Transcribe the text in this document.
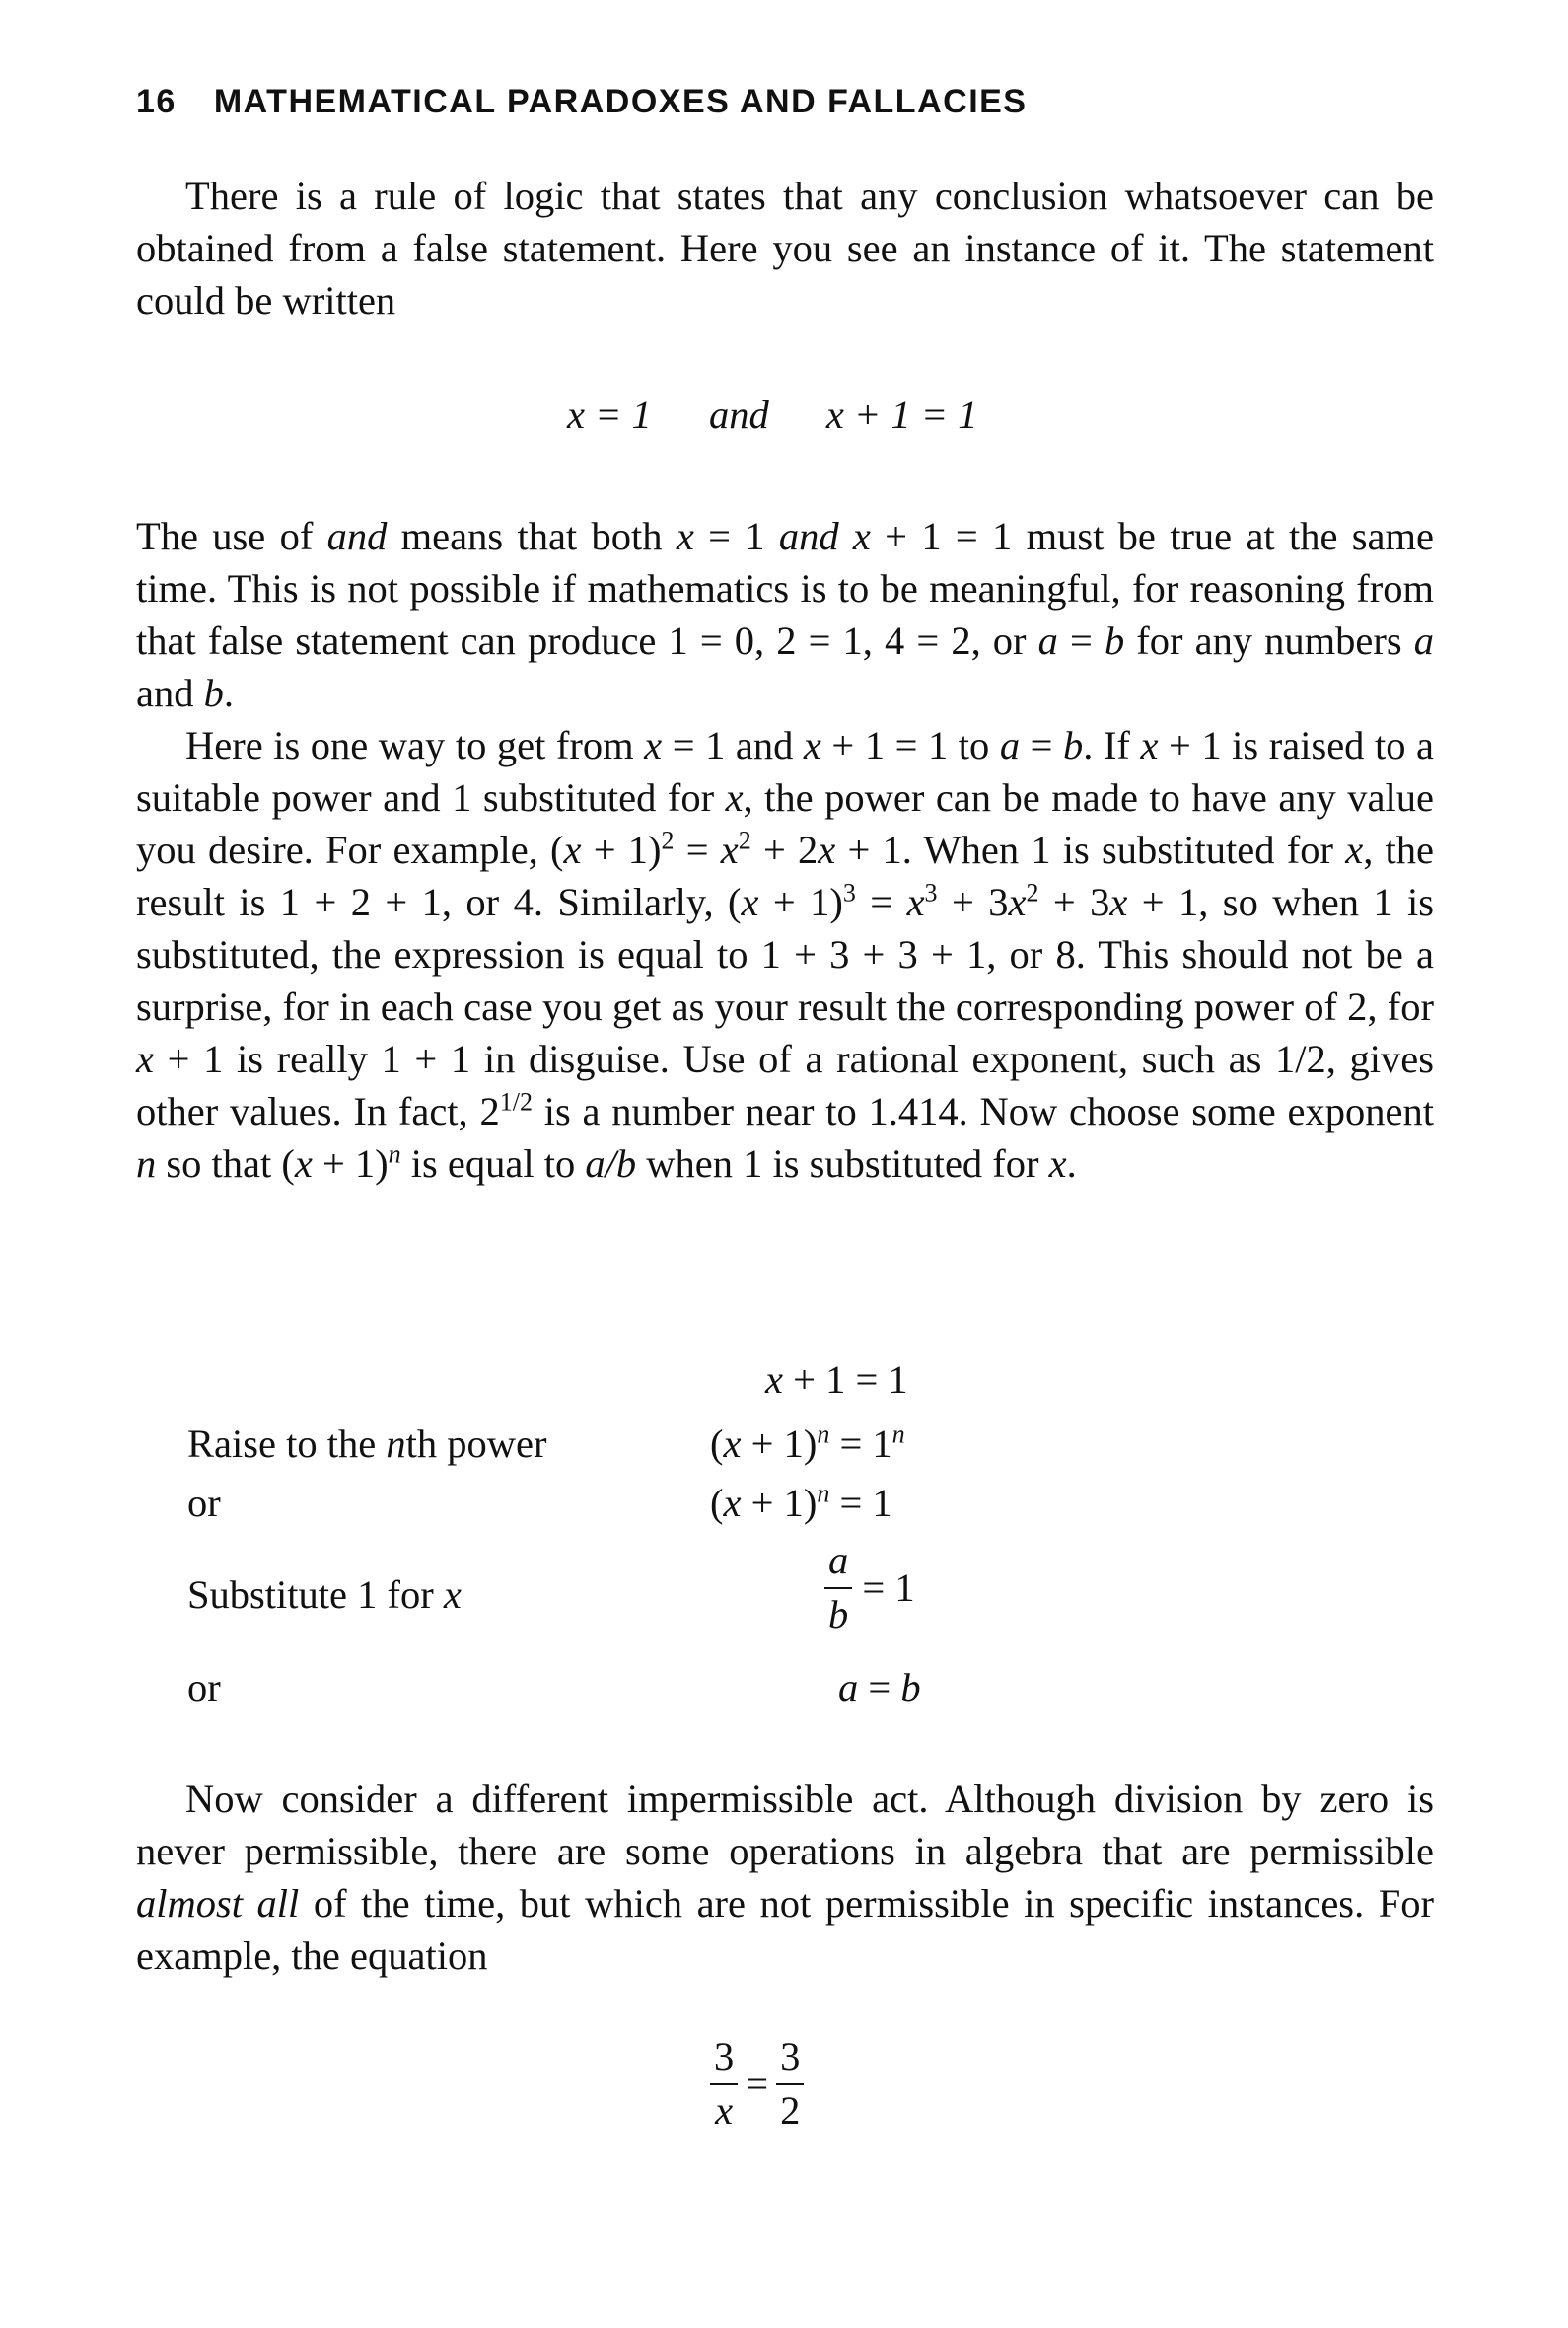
16 MATHEMATICAL PARADOXES AND FALLACIES

There is a rule of logic that states that any conclusion whatsoever can be obtained from a false statement. Here you see an instance of it. The statement could be written

x = 1 and x + 1 = 1

The use of and means that both x = 1 and x + 1 = 1 must be true at the same time. This is not possible if mathematics is to be meaningful, for reasoning from that false statement can produce 1 = 0, 2 = 1, 4 = 2, or a = b for any numbers a and b.

Here is one way to get from x = 1 and x + 1 = 1 to a = b. If x + 1 is raised to a suitable power and 1 substituted for x, the power can be made to have any value you desire. For example, $(x + 1)^2 = x^2 + 2x + 1$. When 1 is substituted for x, the result is 1 + 2 + 1, or 4. Similarly, $(x + 1)^3 = x^3 + 3x^2 + 3x + 1$, so when 1 is substituted, the expression is equal to 1 + 3 + 3 + 1, or 8. This should not be a surprise, for in each case you get as your result the corresponding power of 2, for x + 1 is really 1 + 1 in disguise. Use of a rational exponent, such as 1/2, gives other values. In fact, $2^{1/2}$ is a number near to 1.414. Now choose some exponent n so that $(x + 1)^n$ is equal to a/b when 1 is substituted for x.

x + 1 = 1
Raise to the nth power	$(x + 1)^n = 1^n$
or	$(x + 1)^n = 1$
Substitute 1 for x	$\frac{a}{b} = 1$
or	a = b

Now consider a different impermissible act. Although division by zero is never permissible, there are some operations in algebra that are permissible almost all of the time, but which are not permissible in specific instances. For example, the equation

$\frac{3}{x} = \frac{3}{2}$
